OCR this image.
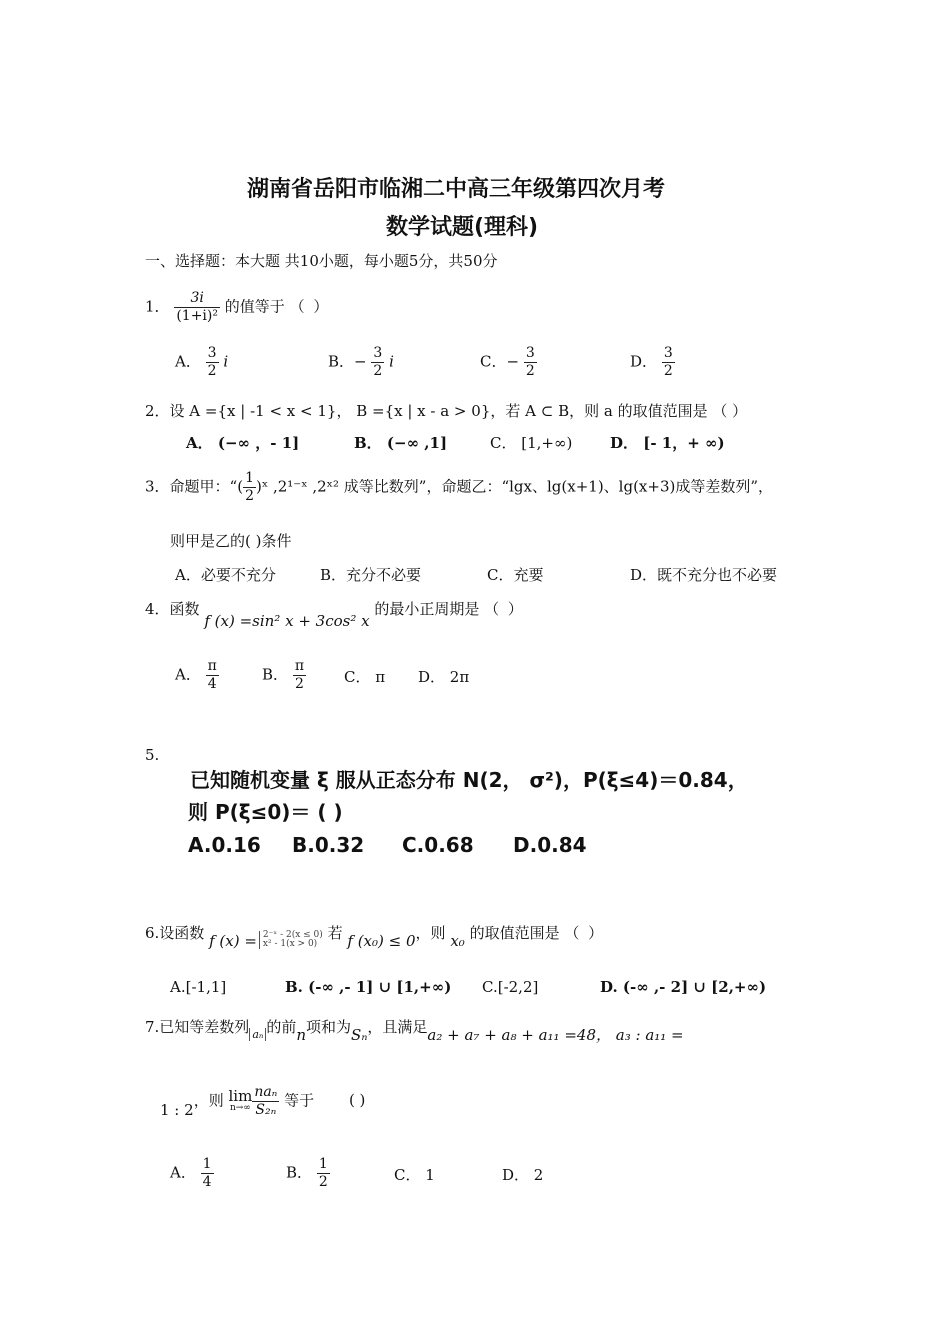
湖南省岳阳市临湘二中高三年级第四次月考
数学试题(理科)
一、选择题：本大题 共10小题，每小题5分，共50分
1． $\frac{3i}{\text{(1+i)²}}$ 的值等于 （ ）
A． $\frac{3}{2}$ i	B．− $\frac{3}{2}$ i	C．− $\frac{3}{2}$	D． $\frac{3}{2}$
2．设 A ={x | -1 < x < 1}， B ={x | x - a > 0}，若 A ⊂ B，则 a 的取值范围是 （ ）
A． (−∞ ，- 1]	B． (−∞ ,1]	C． [1,+∞)	D． [- 1，+ ∞)
3．命题甲：“( $\frac{1}{2}$ )ˣ ,2¹⁻ˣ ,2ˣ² 成等比数列”，命题乙：“lgx、lg(x+1)、lg(x+3)成等差数列”，
则甲是乙的( )条件
A．必要不充分	B．充分不必要	C．充要	D．既不充分也不必要
4．函数 f (x) =sin² x + 3cos² x 的最小正周期是 （ ）
A． $\frac{\pi}{4}$	B． $\frac{\pi}{2}$	C． π D． 2π
5.
已知随机变量 ξ 服从正态分布 N(2， σ²)，P(ξ≤4)＝0.84，
则 P(ξ≤0)＝ ( )
A.0.16 B.0.32 C.0.68 D.0.84
6.设函数 f (x) = 2⁻ˣ - 2(x ≤ 0)
x² - 1(x > 0) 若 f (x₀) ≤ 0，则 x₀ 的取值范围是 （ ）
A.[-1,1]	B. (-∞ ,- 1] ∪ [1,+∞) C.[-2,2]	D. (-∞ ,- 2] ∪ [2,+∞)
7.已知等差数列 $_{a_n}$ 的前n项和为Sₙ，且满足a₂ + a₇ + a₈ + a₁₁ =48， a₃ : a₁₁ =
1 : 2，则 lim
$n\to\infty \frac{\text{naₙ}}{\text{S₂ₙ}}$ 等于 ( )
A． $\frac{1}{4}$	B． $\frac{1}{2}$	C． 1	D． 2
